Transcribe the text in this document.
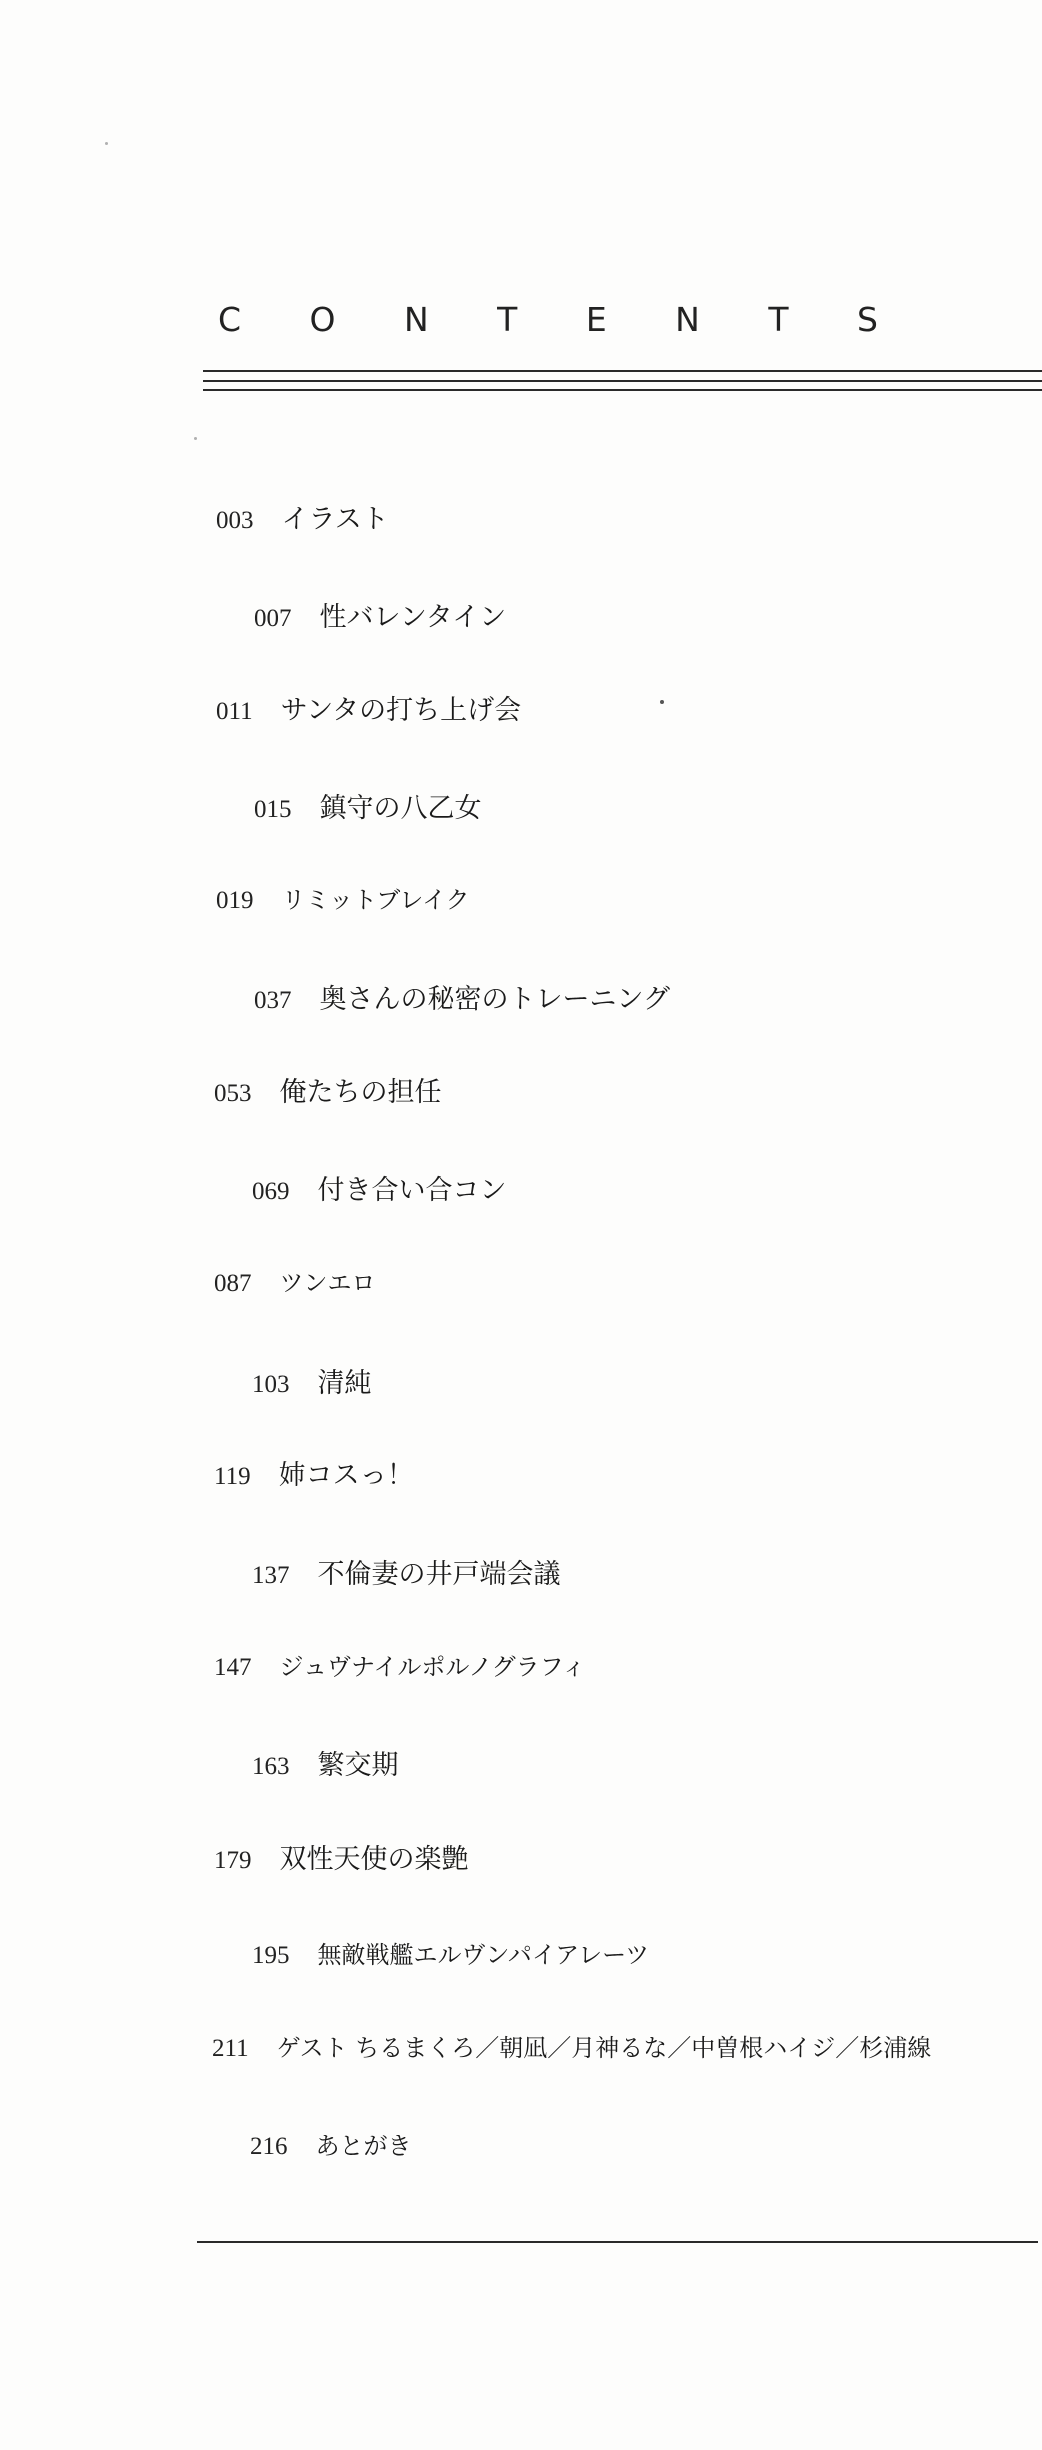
C O N T E N T S
003 イラスト
007 性バレンタイン
011 サンタの打ち上げ会
015 鎮守の八乙女
019 リミットブレイク
037 奥さんの秘密のトレーニング
053 俺たちの担任
069 付き合い合コン
087 ツンエロ
103 清純
119 姉コスっ！
137 不倫妻の井戸端会議
147 ジュヴナイルポルノグラフィ
163 繁交期
179 双性天使の楽艶
195 無敵戦艦エルヴンパイアレーツ
211 ゲスト ちるまくろ／朝凪／月神るな／中曽根ハイジ／杉浦線
216 あとがき
